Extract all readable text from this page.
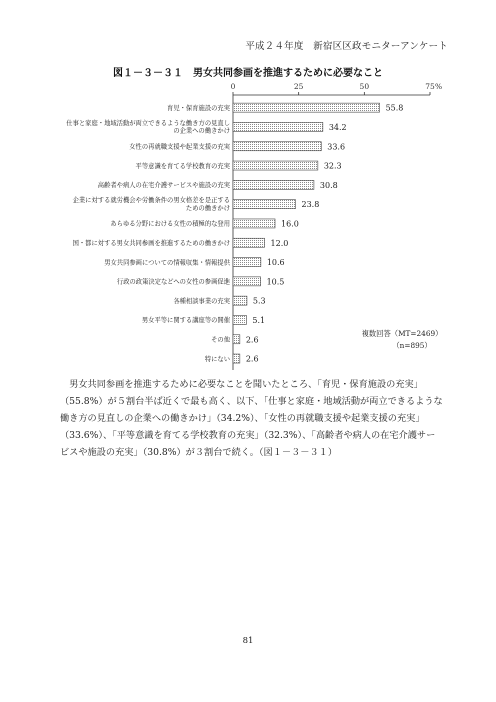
平成２４年度　新宿区区政モニターアンケート
図１－３－３１　男女共同参画を推進するために必要なこと
0	25	50	75 %
55.8
育児・保育施設の充実
34.2
仕事と家庭・地域活動が両立できるような働き方の見直し
の企業への働きかけ
33.6
女性の再就職支援や起業支援の充実
32.3
平等意識を育てる学校教育の充実
30.8
高齢者や病人の在宅介護サービスや施設の充実
23.8
企業に対する就労機会や労働条件の男女格差を是正する
ための働きかけ
16.0
あらゆる分野における女性の積極的な登用
12.0
国・都に対する男女共同参画を推進するための働きかけ
10.6
男女共同参画についての情報収集・情報提供
10.5
行政の政策決定などへの女性の参画促進
5.3
各種相談事業の充実
5.1
男女平等に関する講座等の開催
2.6
その他
2.6
特にない
複数回答（MT=2469）
（n=895）

男女共同参画を推進するために必要なことを聞いたところ、「育児・保育施設の充実」（55.8%）が５割台半ば近くで最も高く、以下、「仕事と家庭・地域活動が両立できるような働き方の見直しの企業への働きかけ」（34.2%）、「女性の再就職支援や起業支援の充実」（33.6%）、「平等意識を育てる学校教育の充実」（32.3%）、「高齢者や病人の在宅介護サービスや施設の充実」（30.8%）が３割台で続く。（図１－３－３１）

81
